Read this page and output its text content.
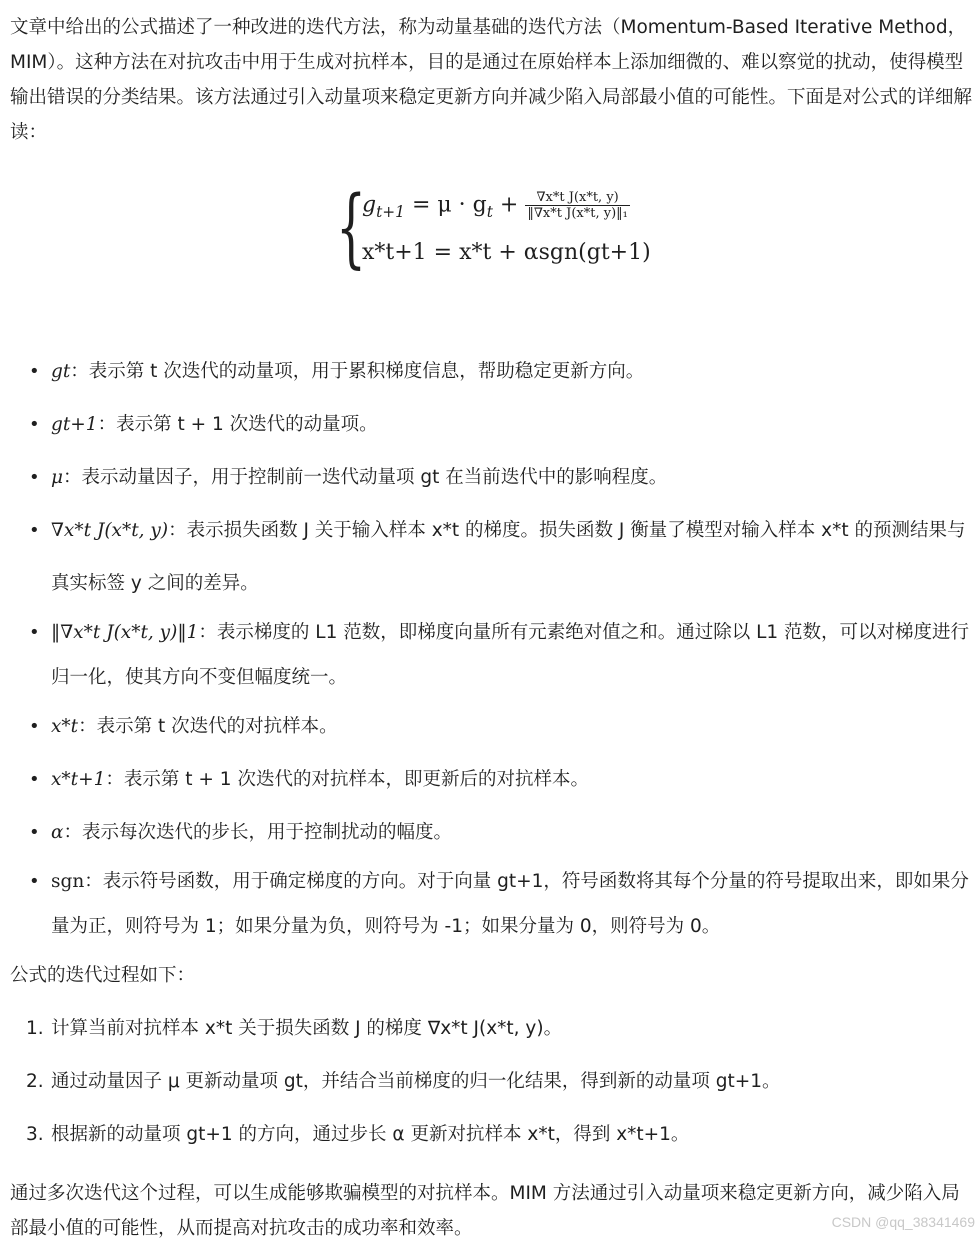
文章中给出的公式描述了一种改进的迭代方法，称为动量基础的迭代方法（Momentum-Based Iterative Method，MIM）。这种方法在对抗攻击中用于生成对抗样本，目的是通过在原始样本上添加细微的、难以察觉的扰动，使得模型输出错误的分类结果。该方法通过引入动量项来稳定更新方向并减少陷入局部最小值的可能性。下面是对公式的详细解读：

{
$g_{t+1} = \mu \cdot g_t + \frac{\text{∇x*t J(x*t, y)}}{\text{‖∇x*t J(x*t, y)‖₁}}$
x*t+1 = x*t + αsgn(gt+1)

• gt：表示第 t 次迭代的动量项，用于累积梯度信息，帮助稳定更新方向。

• gt+1：表示第 t + 1 次迭代的动量项。

• μ：表示动量因子，用于控制前一迭代动量项 gt 在当前迭代中的影响程度。

• ∇x*t J(x*t, y)：表示损失函数 J 关于输入样本 x*t 的梯度。损失函数 J 衡量了模型对输入样本 x*t 的预测结果与真实标签 y 之间的差异。

• ‖∇x*t J(x*t, y)‖1：表示梯度的 L1 范数，即梯度向量所有元素绝对值之和。通过除以 L1 范数，可以对梯度进行归一化，使其方向不变但幅度统一。

• x*t：表示第 t 次迭代的对抗样本。

• x*t+1：表示第 t + 1 次迭代的对抗样本，即更新后的对抗样本。

• α：表示每次迭代的步长，用于控制扰动的幅度。

• sgn：表示符号函数，用于确定梯度的方向。对于向量 gt+1，符号函数将其每个分量的符号提取出来，即如果分量为正，则符号为 1；如果分量为负，则符号为 -1；如果分量为 0，则符号为 0。

公式的迭代过程如下：

1. 计算当前对抗样本 x*t 关于损失函数 J 的梯度 ∇x*t J(x*t, y)。

2. 通过动量因子 μ 更新动量项 gt，并结合当前梯度的归一化结果，得到新的动量项 gt+1。

3. 根据新的动量项 gt+1 的方向，通过步长 α 更新对抗样本 x*t，得到 x*t+1。

通过多次迭代这个过程，可以生成能够欺骗模型的对抗样本。MIM 方法通过引入动量项来稳定更新方向，减少陷入局部最小值的可能性，从而提高对抗攻击的成功率和效率。	CSDN @qq_38341469
